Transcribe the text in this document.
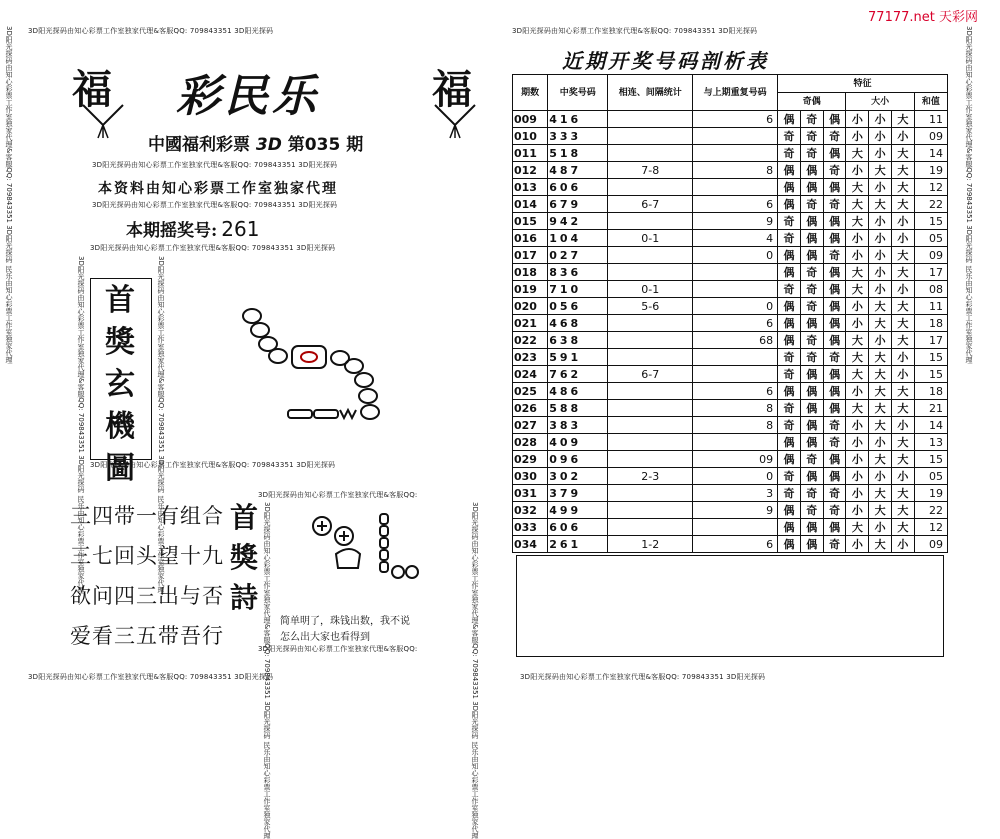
77177.net 天彩网
3D阳光探码由知心彩票工作室独家代理&客服QQ: 709843351 3D阳光探码	3D阳光探码由知心彩票工作室独家代理&客服QQ: 709843351 3D阳光探码
3D阳光探码由知心彩票工作室独家代理&客服QQ: 709843351 3D阳光探码 民乐由知心彩票工作室独家代理	3D阳光探码由知心彩票工作室独家代理&客服QQ: 709843351 3D阳光探码 民乐由知心彩票工作室独家代理
3D阳光探码由知心彩票工作室独家代理&客服QQ: 709843351 3D阳光探码	3D阳光探码由知心彩票工作室独家代理&客服QQ: 709843351 3D阳光探码
福 彩民乐	福
中國福利彩票 3D 第035 期
3D阳光探码由知心彩票工作室独家代理&客服QQ: 709843351 3D阳光探码
本资料由知心彩票工作室独家代理
3D阳光探码由知心彩票工作室独家代理&客服QQ: 709843351 3D阳光探码
本期摇奖号: 261
3D阳光探码由知心彩票工作室独家代理&客服QQ: 709843351 3D阳光探码
首獎玄機圖
3D阳光探码由知心彩票工作室独家代理&客服QQ: 709843351 3D阳光探码 民乐由知心彩票工作室独家代理	3D阳光探码由知心彩票工作室独家代理&客服QQ: 709843351 3D阳光探码 民乐由知心彩票工作室独家代理
3D阳光探码由知心彩票工作室独家代理&客服QQ: 709843351 3D阳光探码
三四带一有组合
三七回头望十九
欲问四三出与否
爱看三五带吾行
首獎詩
3D阳光探码由知心彩票工作室独家代理&客服QQ:
3D阳光探码由知心彩票工作室独家代理&客服QQ: 709843351 3D阳光探码 民乐由知心彩票工作室独家代理	3D阳光探码由知心彩票工作室独家代理&客服QQ: 709843351 3D阳光探码 民乐由知心彩票工作室独家代理
简单明了，珠钱出数，我不说
怎么出大家也看得到
3D阳光探码由知心彩票工作室独家代理&客服QQ:
近期开奖号码剖析表
期数	中奖号码	相连、间隔统计	与上期重复号码	特征						
				奇偶			大小			和值
009	416		6	偶	奇	偶	小	小	大	11
010	333			奇	奇	奇	小	小	小	09
011	518			奇	奇	偶	大	小	大	14
012	487	7-8	8	偶	偶	奇	小	大	大	19
013	606			偶	偶	偶	大	小	大	12
014	679	6-7	6	偶	奇	奇	大	大	大	22
015	942		9	奇	偶	偶	大	小	小	15
016	104	0-1	4	奇	偶	偶	小	小	小	05
017	027		0	偶	偶	奇	小	小	大	09
018	836			偶	奇	偶	大	小	大	17
019	710	0-1		奇	奇	偶	大	小	小	08
020	056	5-6	0	偶	奇	偶	小	大	大	11
021	468		6	偶	偶	偶	小	大	大	18
022	638		68	偶	奇	偶	大	小	大	17
023	591			奇	奇	奇	大	大	小	15
024	762	6-7		奇	偶	偶	大	大	小	15
025	486		6	偶	偶	偶	小	大	大	18
026	588		8	奇	偶	偶	大	大	大	21
027	383		8	奇	偶	奇	小	大	小	14
028	409			偶	偶	奇	小	小	大	13
029	096		09	偶	奇	偶	小	大	大	15
030	302	2-3	0	奇	偶	偶	小	小	小	05
031	379		3	奇	奇	奇	小	大	大	19
032	499		9	偶	奇	奇	小	大	大	22
033	606			偶	偶	偶	大	小	大	12
034	261	1-2	6	偶	偶	奇	小	大	小	09
